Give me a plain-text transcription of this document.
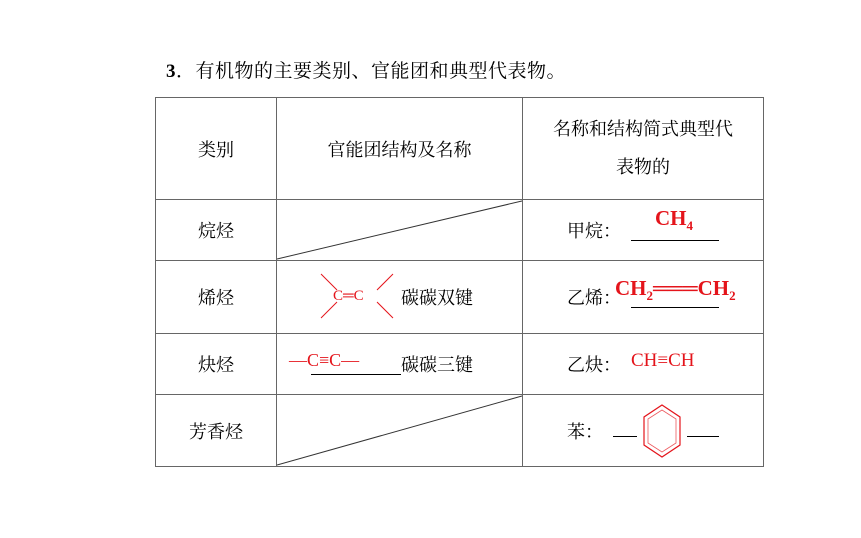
3．有机物的主要类别、官能团和典型代表物。
类别	官能团结构及名称	名称和结构简式典型代
表物的

烷烃		甲烷：
$CH_4$

烯烃	C═C 碳碳双键	乙烯：
$CH_2═══CH_2$

炔烃	—C≡C— 碳碳三键	乙炔： CH≡CH

芳香烃		苯：
